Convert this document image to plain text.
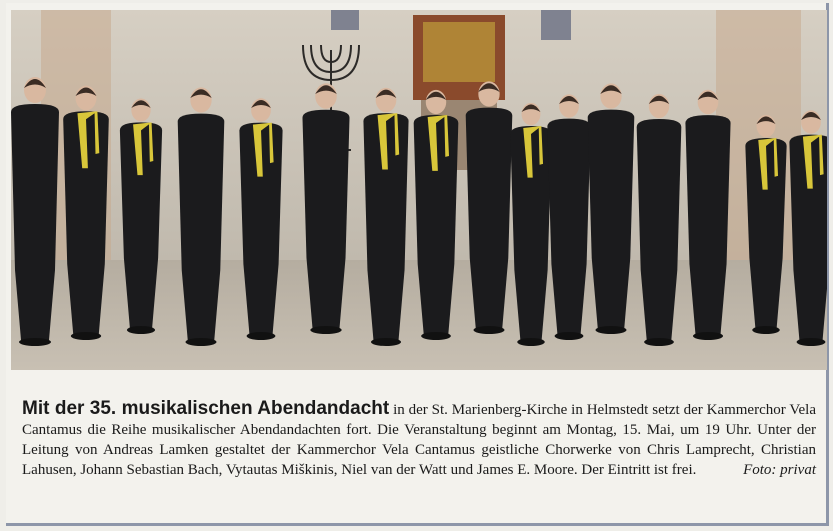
Mit der 35. musikalischen Abendandacht in der St. Marienberg-Kirche in Helmstedt setzt der Kammerchor Vela Cantamus die Reihe musikalischer Abendandachten fort. Die Veranstaltung beginnt am Montag, 15. Mai, um 19 Uhr. Unter der Leitung von Andreas Lamken gestaltet der Kammerchor Vela Cantamus geistliche Chorwerke von Chris Lamprecht, Christian Lahusen, Johann Sebastian Bach, Vytautas Miškinis, Niel van der Watt und James E. Moore. Der Eintritt ist frei.	Foto: privat
